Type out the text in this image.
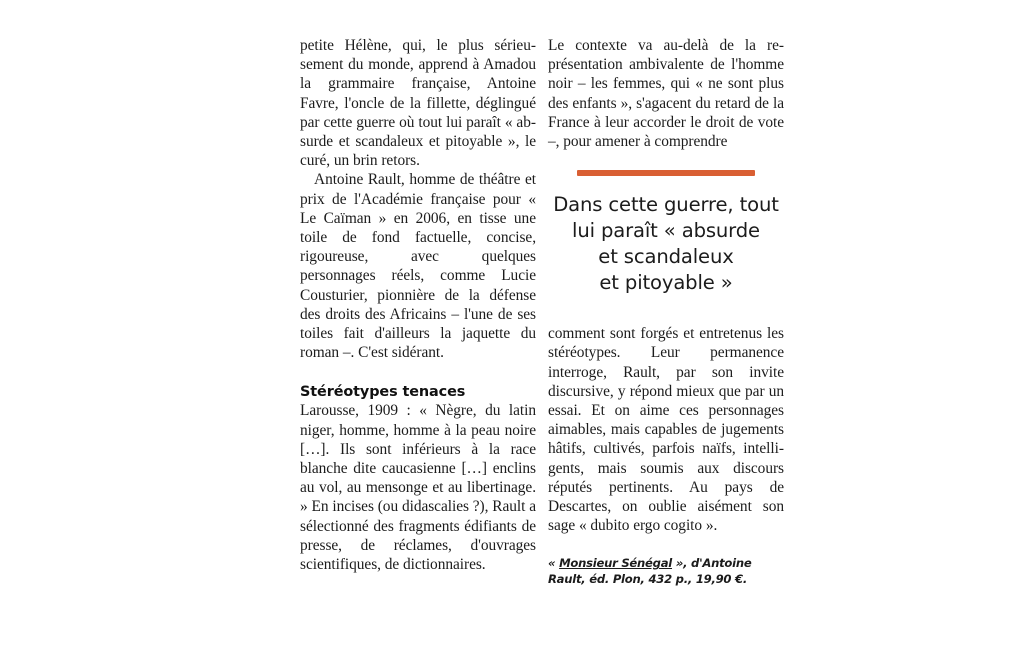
petite Hélène, qui, le plus sérieusement du monde, apprend à Amadou la grammaire française, Antoine Favre, l'oncle de la fillette, déglingué par cette guerre où tout lui paraît « absurde et scandaleux et pitoyable », le curé, un brin retors.

Antoine Rault, homme de théâtre et prix de l'Académie française pour « Le Caïman » en 2006, en tisse une toile de fond factuelle, concise, rigoureuse, avec quelques personnages réels, comme Lucie Cousturier, pionnière de la défense des droits des Africains – l'une de ses toiles fait d'ailleurs la jaquette du roman –. C'est sidérant.

Stéréotypes tenaces

Larousse, 1909 : « Nègre, du latin niger, homme, homme à la peau noire […]. Ils sont inférieurs à la race blanche dite caucasienne […] enclins au vol, au mensonge et au libertinage. » En incises (ou didascalies ?), Rault a sélectionné des fragments édifiants de presse, de réclames, d'ouvrages scientifiques, de dictionnaires.

Le contexte va au-delà de la représentation ambivalente de l'homme noir – les femmes, qui « ne sont plus des enfants », s'agacent du retard de la France à leur accorder le droit de vote –, pour amener à comprendre

Dans cette guerre, tout
lui paraît « absurde
et scandaleux
et pitoyable »

comment sont forgés et entretenus les stéréotypes. Leur permanence interroge, Rault, par son invite discursive, y répond mieux que par un essai. Et on aime ces personnages aimables, mais capables de jugements hâtifs, cultivés, parfois naïfs, intelligents, mais soumis aux discours réputés pertinents. Au pays de Descartes, on oublie aisément son sage « dubito ergo cogito ».

« Monsieur Sénégal », d'Antoine Rault, éd. Plon, 432 p., 19,90 €.
